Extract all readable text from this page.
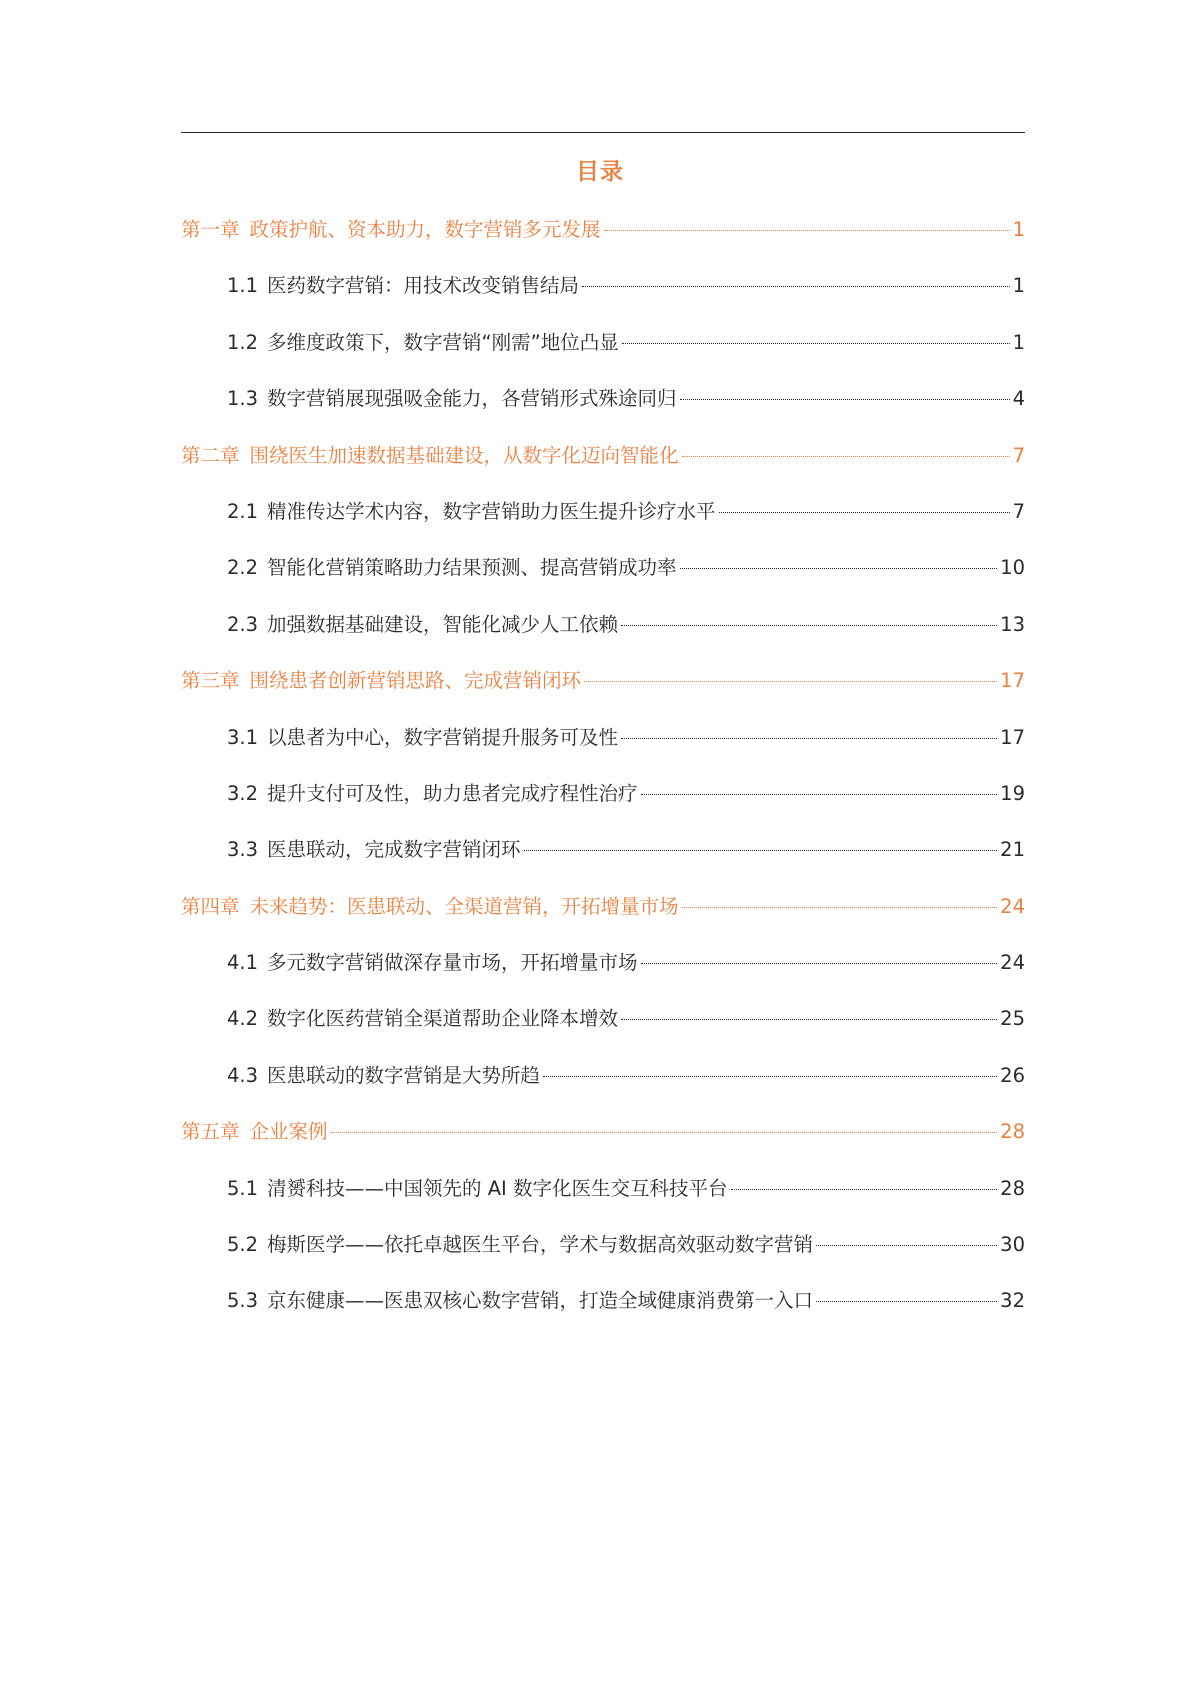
目录
第一章 政策护航、资本助力，数字营销多元发展	1
1.1 医药数字营销：用技术改变销售结局	1
1.2 多维度政策下，数字营销“刚需”地位凸显	1
1.3 数字营销展现强吸金能力，各营销形式殊途同归	4
第二章 围绕医生加速数据基础建设，从数字化迈向智能化	7
2.1 精准传达学术内容，数字营销助力医生提升诊疗水平	7
2.2 智能化营销策略助力结果预测、提高营销成功率	10
2.3 加强数据基础建设，智能化减少人工依赖	13
第三章 围绕患者创新营销思路、完成营销闭环	17
3.1 以患者为中心，数字营销提升服务可及性	17
3.2 提升支付可及性，助力患者完成疗程性治疗	19
3.3 医患联动，完成数字营销闭环	21
第四章 未来趋势：医患联动、全渠道营销，开拓增量市场	24
4.1 多元数字营销做深存量市场，开拓增量市场	24
4.2 数字化医药营销全渠道帮助企业降本增效	25
4.3 医患联动的数字营销是大势所趋	26
第五章 企业案例	28
5.1 清赟科技——中国领先的 AI 数字化医生交互科技平台	28
5.2 梅斯医学——依托卓越医生平台，学术与数据高效驱动数字营销	30
5.3 京东健康——医患双核心数字营销，打造全域健康消费第一入口	32
